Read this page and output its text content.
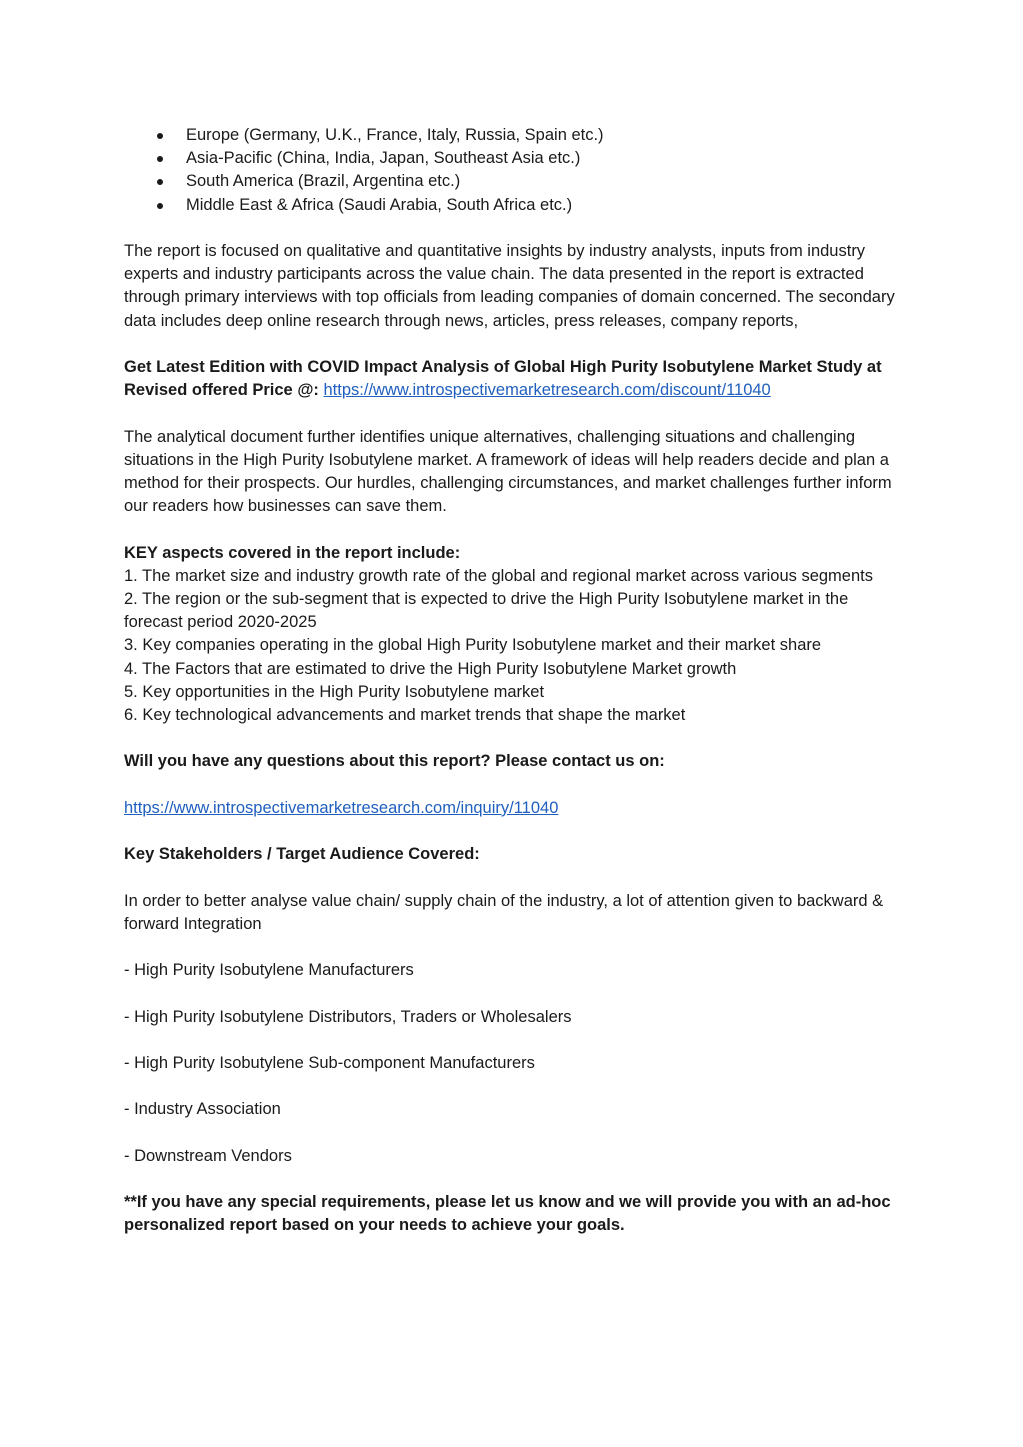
Europe (Germany, U.K., France, Italy, Russia, Spain etc.)
Asia-Pacific (China, India, Japan, Southeast Asia etc.)
South America (Brazil, Argentina etc.)
Middle East & Africa (Saudi Arabia, South Africa etc.)

The report is focused on qualitative and quantitative insights by industry analysts, inputs from industry experts and industry participants across the value chain. The data presented in the report is extracted through primary interviews with top officials from leading companies of domain concerned. The secondary data includes deep online research through news, articles, press releases, company reports,

Get Latest Edition with COVID Impact Analysis of Global High Purity Isobutylene Market Study at Revised offered Price @: https://www.introspectivemarketresearch.com/discount/11040

The analytical document further identifies unique alternatives, challenging situations and challenging situations in the High Purity Isobutylene market. A framework of ideas will help readers decide and plan a method for their prospects. Our hurdles, challenging circumstances, and market challenges further inform our readers how businesses can save them.

KEY aspects covered in the report include:

1. The market size and industry growth rate of the global and regional market across various segments

2. The region or the sub-segment that is expected to drive the High Purity Isobutylene market in the forecast period 2020-2025

3. Key companies operating in the global High Purity Isobutylene market and their market share

4. The Factors that are estimated to drive the High Purity Isobutylene Market growth

5. Key opportunities in the High Purity Isobutylene market

6. Key technological advancements and market trends that shape the market

Will you have any questions about this report? Please contact us on:

https://www.introspectivemarketresearch.com/inquiry/11040

Key Stakeholders / Target Audience Covered:

In order to better analyse value chain/ supply chain of the industry, a lot of attention given to backward & forward Integration

- High Purity Isobutylene Manufacturers

- High Purity Isobutylene Distributors, Traders or Wholesalers

- High Purity Isobutylene Sub-component Manufacturers

- Industry Association

- Downstream Vendors

**If you have any special requirements, please let us know and we will provide you with an ad-hoc personalized report based on your needs to achieve your goals.
